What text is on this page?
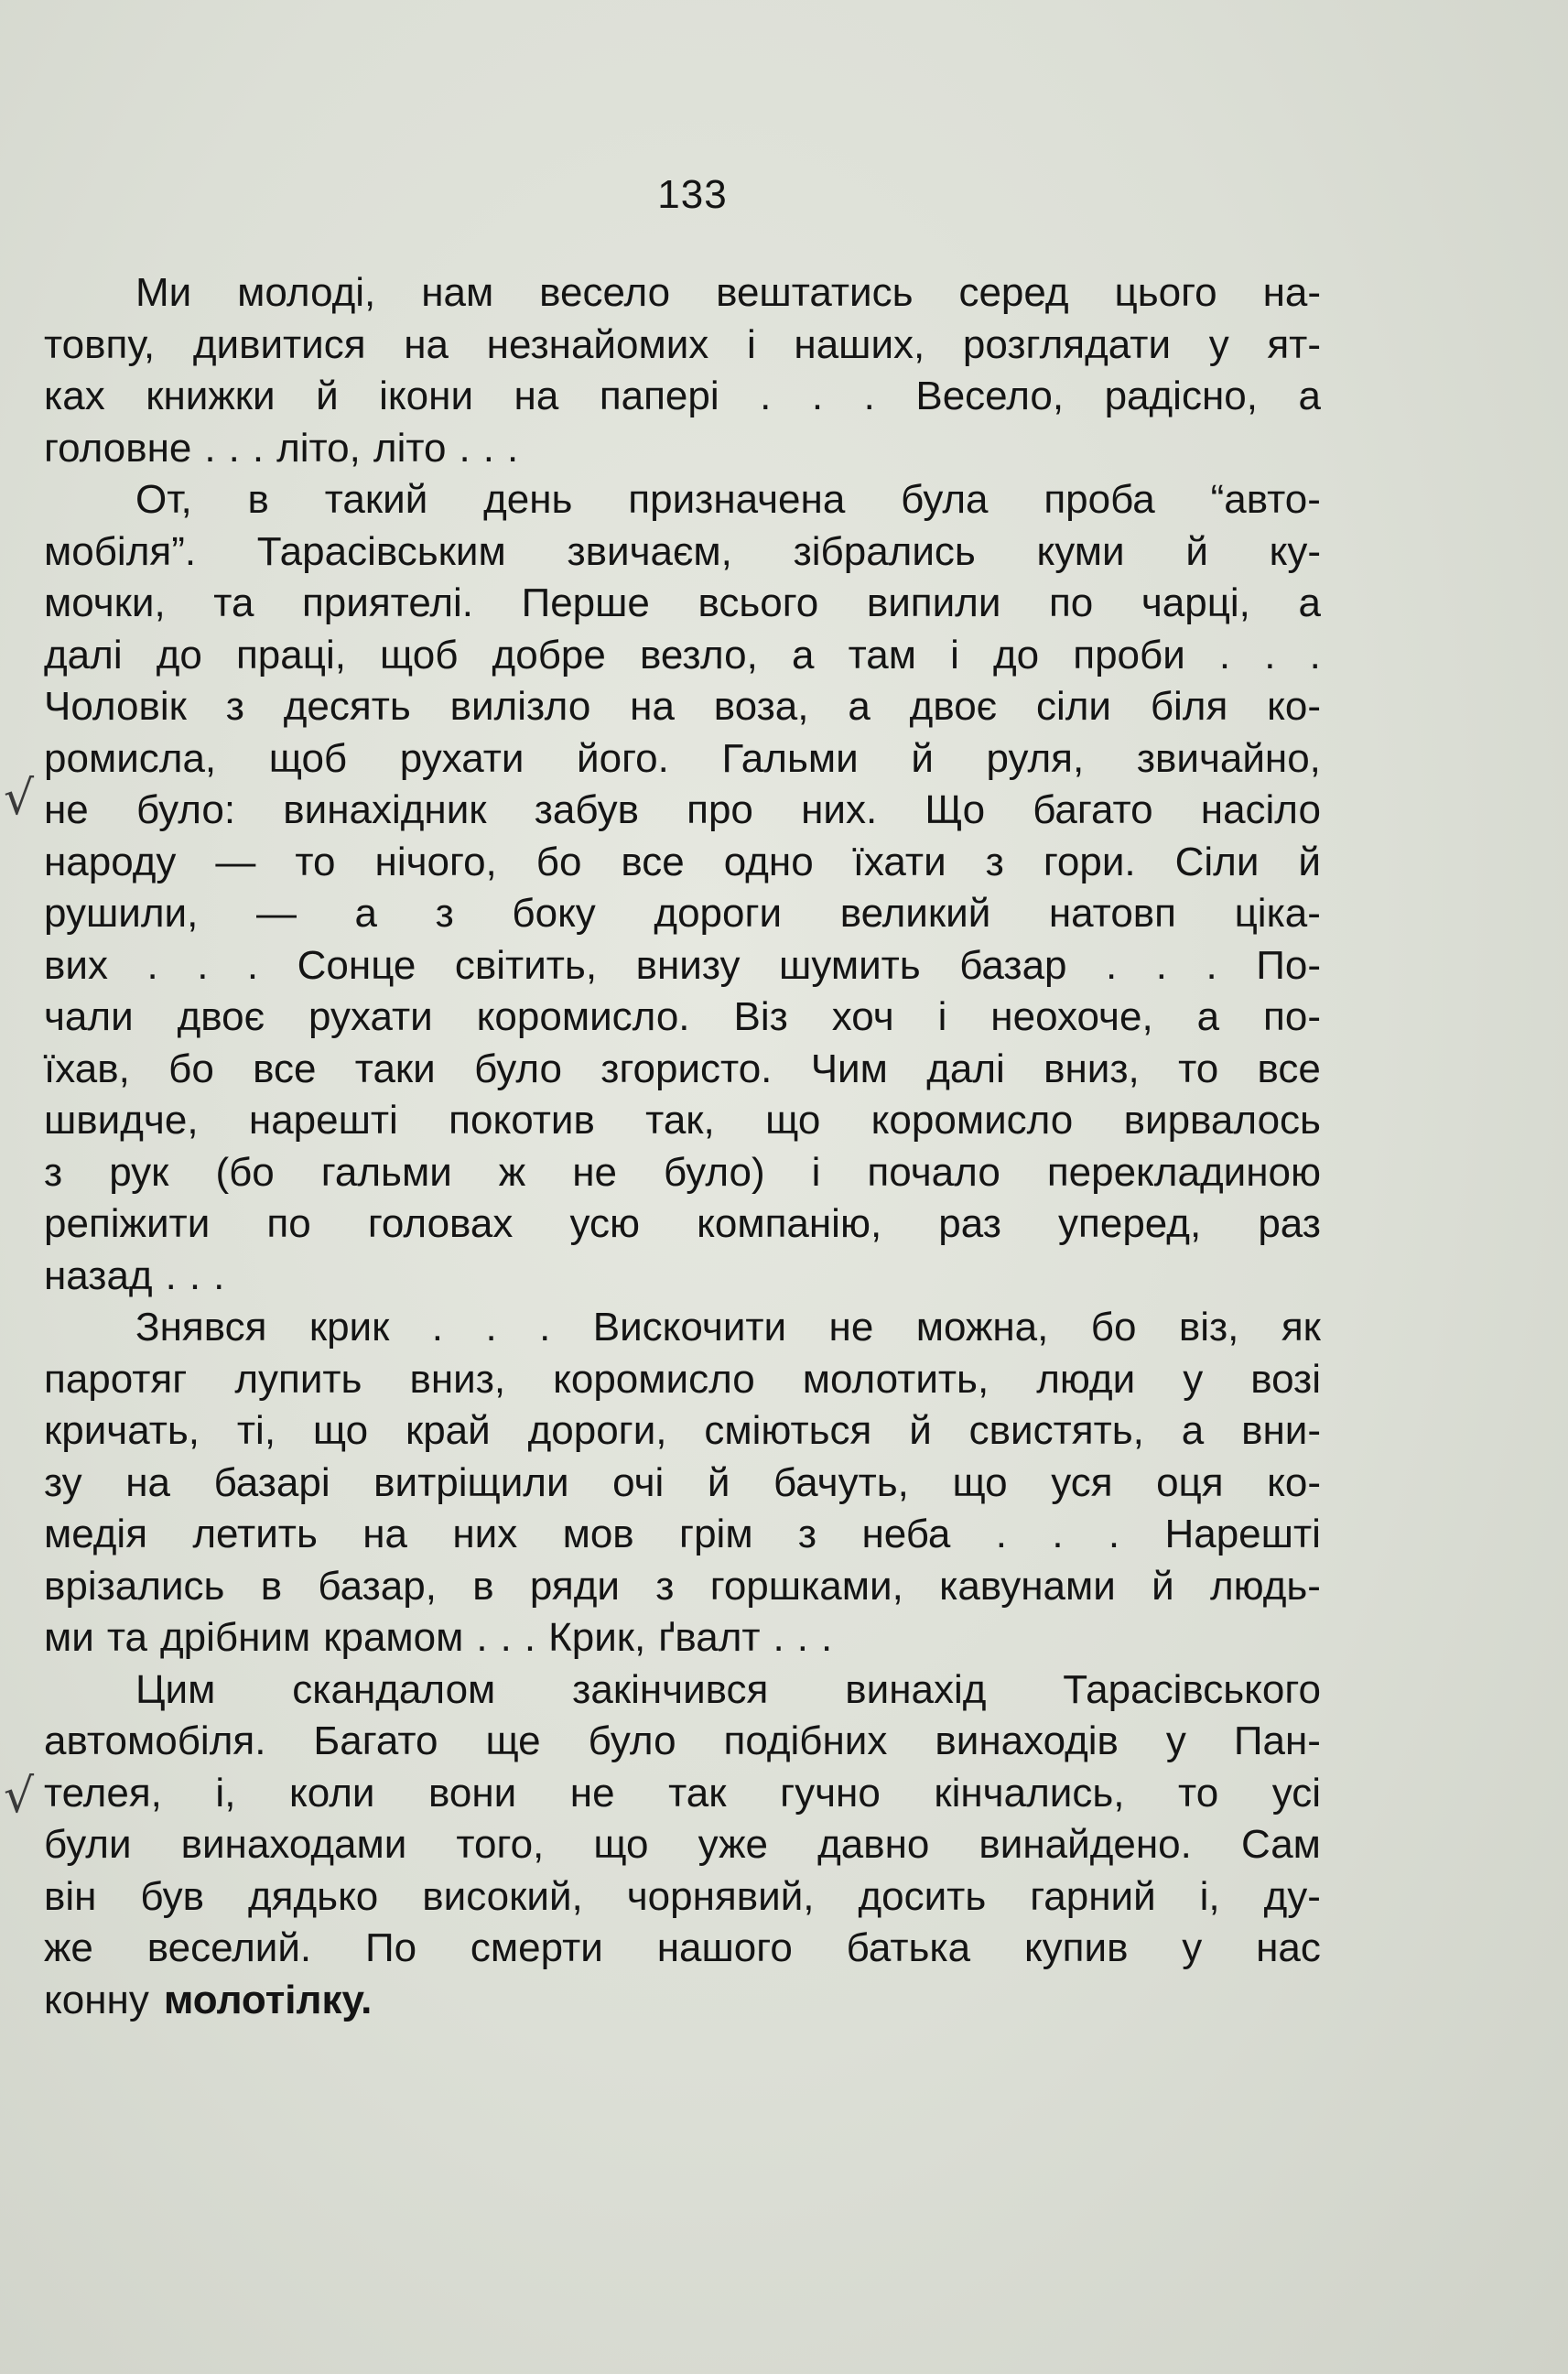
133
√
√
Ми молоді, нам весело вештатись серед цього на-
товпу, дивитися на незнайомих і наших, розглядати у ят-
ках книжки й ікони на папері . . . Весело, радісно, а
головне . . . літо, літо . . .
От, в такий день призначена була проба “авто-
мобіля”. Тарасівським звичаєм, зібрались куми й ку-
мочки, та приятелі. Перше всього випили по чарці, а
далі до праці, щоб добре везло, а там і до проби . . .
Чоловік з десять вилізло на воза, а двоє сіли біля ко-
ромисла, щоб рухати його. Гальми й руля, звичайно,
не було: винахідник забув про них. Що багато насіло
народу — то нічого, бо все одно їхати з гори. Сіли й
рушили, — а з боку дороги великий натовп ціка-
вих . . . Сонце світить, внизу шумить базар . . . По-
чали двоє рухати коромисло. Віз хоч і неохоче, а по-
їхав, бо все таки було згористо. Чим далі вниз, то все
швидче, нарешті покотив так, що коромисло вирвалось
з рук (бо гальми ж не було) і почало перекладиною
репіжити по головах усю компанію, раз уперед, раз
назад . . .
Знявся крик . . . Вискочити не можна, бо віз, як
паротяг лупить вниз, коромисло молотить, люди у возі
кричать, ті, що край дороги, сміються й свистять, а вни-
зу на базарі витріщили очі й бачуть, що уся оця ко-
медія летить на них мов грім з неба . . . Нарешті
врізались в базар, в ряди з горшками, кавунами й людь-
ми та дрібним крамом . . . Крик, ґвалт . . .
Цим скандалом закінчився винахід Тарасівського
автомобіля. Багато ще було подібних винаходів у Пан-
телея, і, коли вони не так гучно кінчались, то усі
були винаходами того, що уже давно винайдено. Сам
він був дядько високий, чорнявий, досить гарний і, ду-
же веселий. По смерти нашого батька купив у нас
конну молотілку.
